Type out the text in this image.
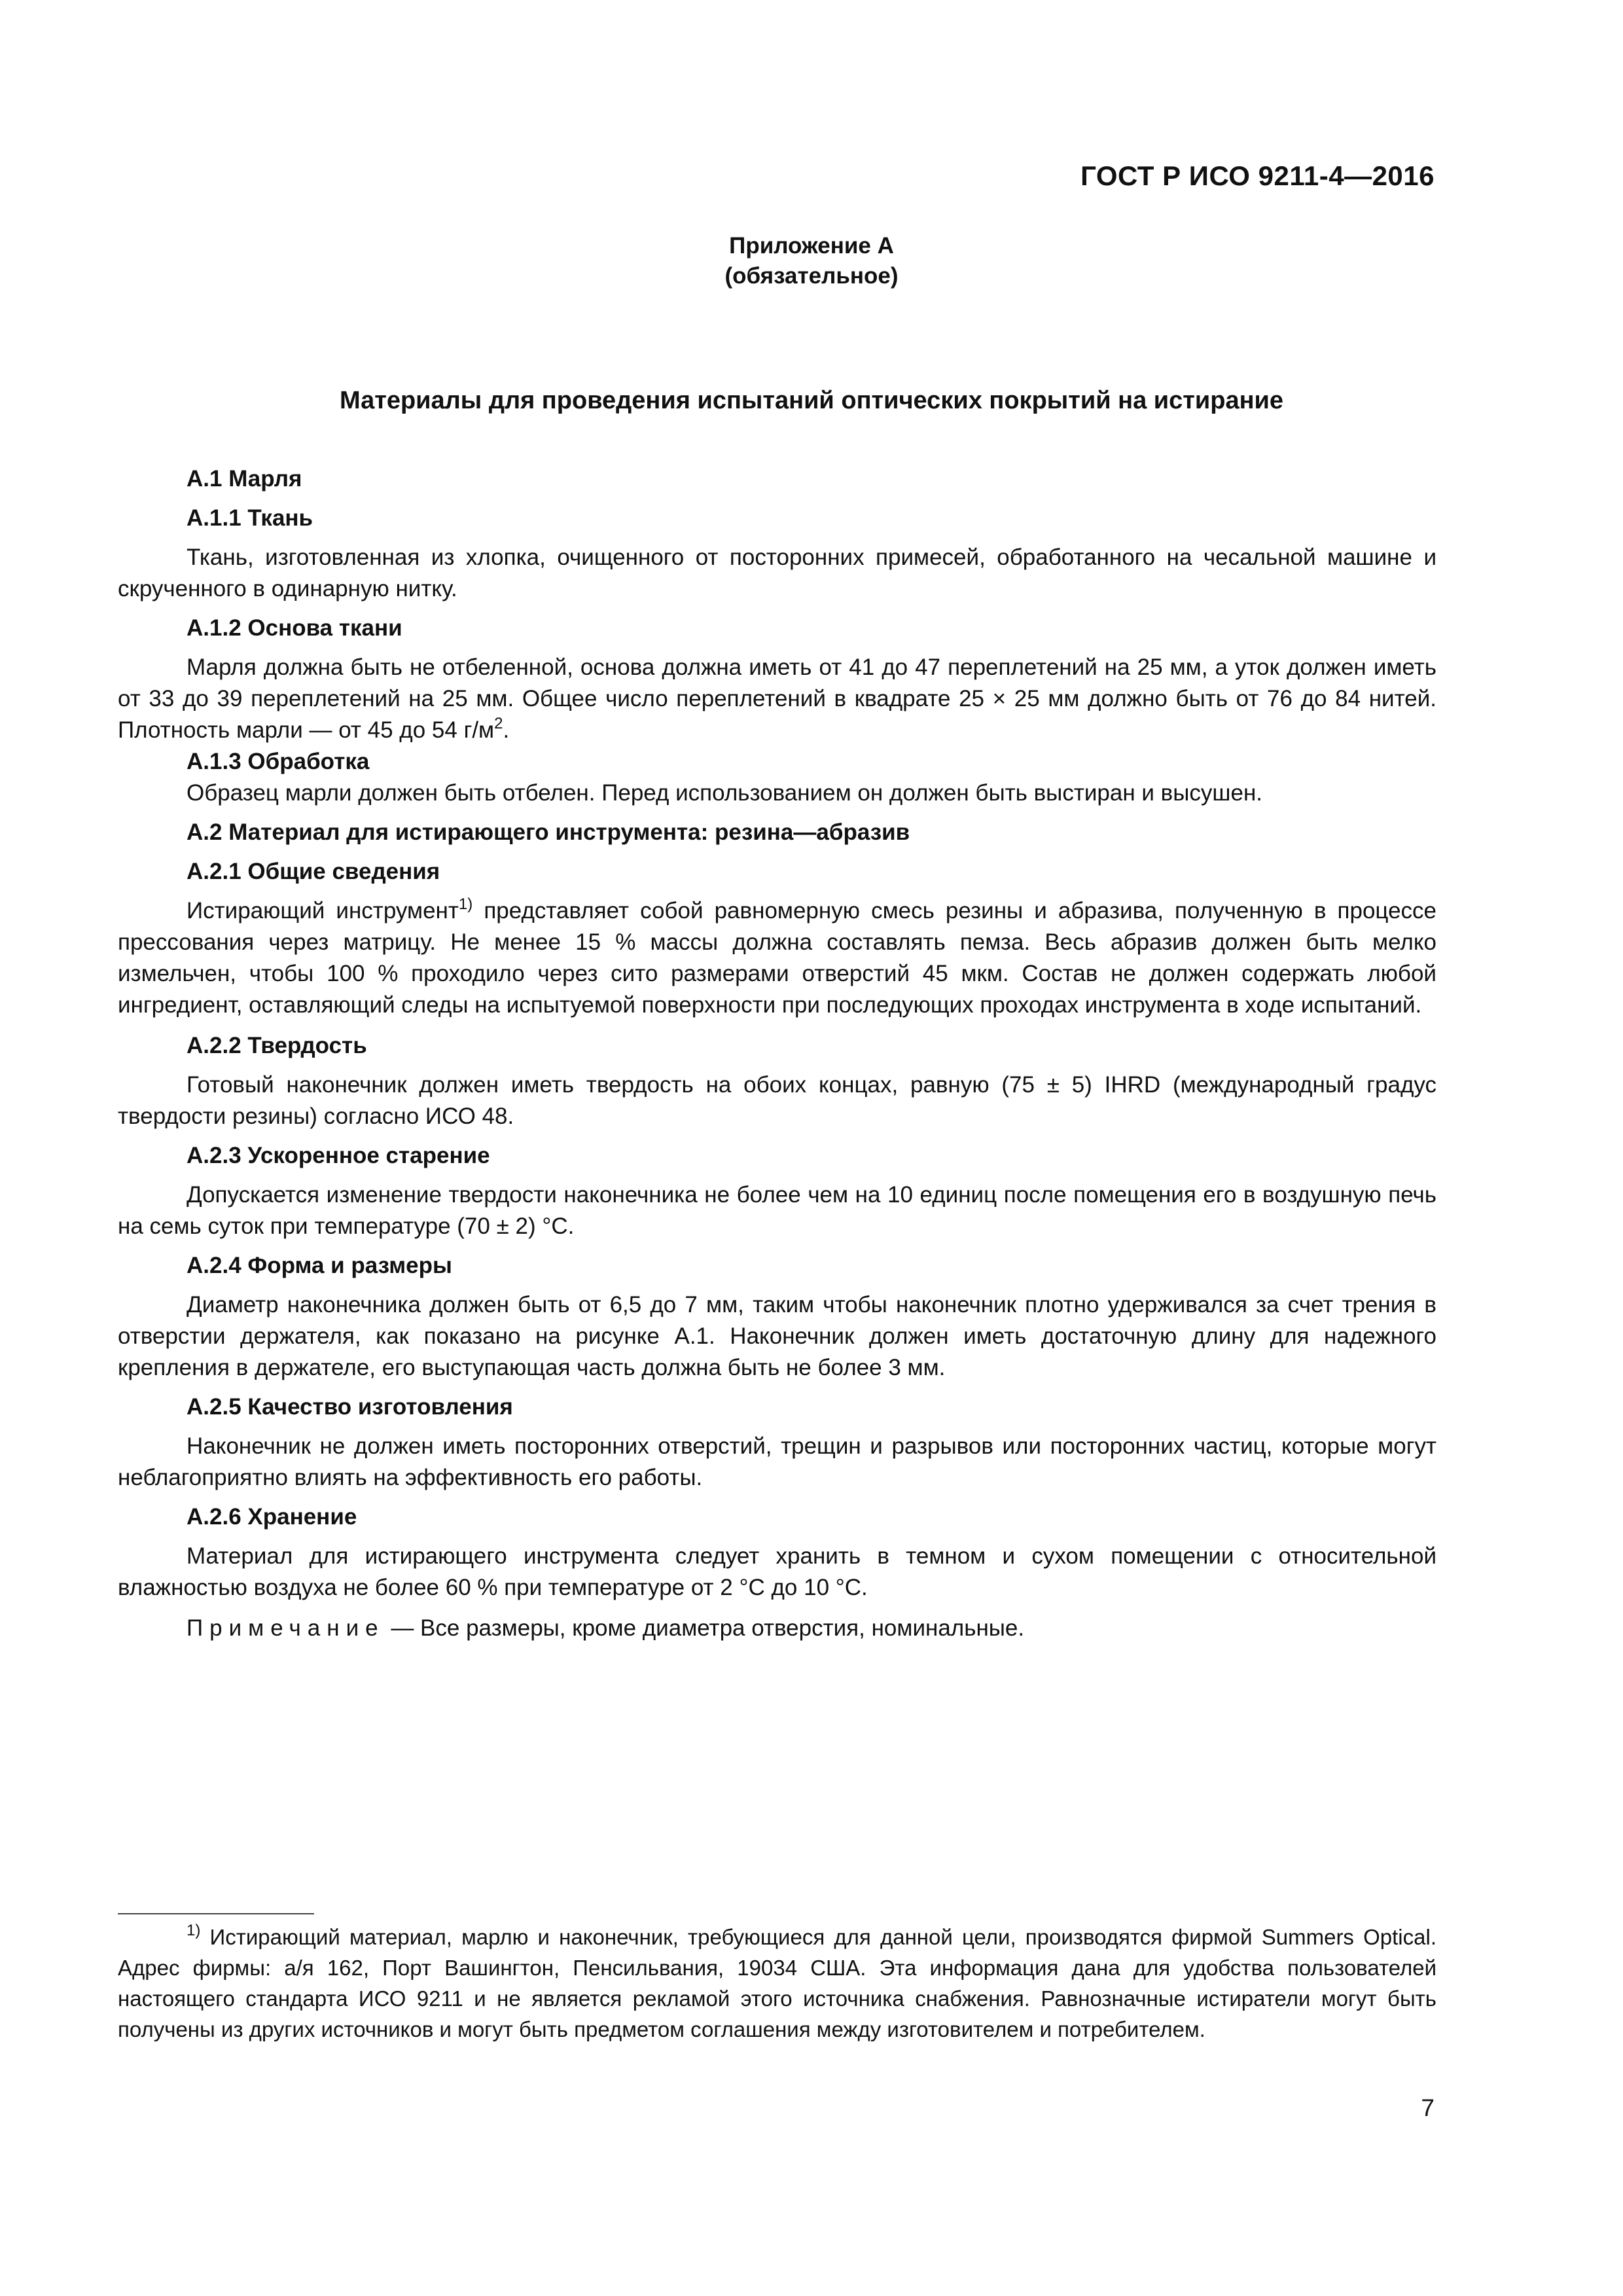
ГОСТ Р ИСО 9211-4—2016
Приложение А
(обязательное)
Материалы для проведения испытаний оптических покрытий на истирание

А.1 Марля

А.1.1 Ткань

Ткань, изготовленная из хлопка, очищенного от посторонних примесей, обработанного на чесальной машине и скрученного в одинарную нитку.

А.1.2 Основа ткани

Марля должна быть не отбеленной, основа должна иметь от 41 до 47 переплетений на 25 мм, а уток должен иметь от 33 до 39 переплетений на 25 мм. Общее число переплетений в квадрате 25 × 25 мм должно быть от 76 до 84 нитей. Плотность марли — от 45 до 54 $г/м^2$.

А.1.3 Обработка

Образец марли должен быть отбелен. Перед использованием он должен быть выстиран и высушен.

А.2 Материал для истирающего инструмента: резина—абразив

А.2.1 Общие сведения

Истирающий инструмент$^{1)}$ представляет собой равномерную смесь резины и абразива, полученную в процессе прессования через матрицу. Не менее 15 % массы должна составлять пемза. Весь абразив должен быть мелко измельчен, чтобы 100 % проходило через сито размерами отверстий 45 мкм. Состав не должен содержать любой ингредиент, оставляющий следы на испытуемой поверхности при последующих проходах инструмента в ходе испытаний.

А.2.2 Твердость

Готовый наконечник должен иметь твердость на обоих концах, равную (75 ± 5) IHRD (международный градус твердости резины) согласно ИСО 48.

А.2.3 Ускоренное старение

Допускается изменение твердости наконечника не более чем на 10 единиц после помещения его в воздушную печь на семь суток при температуре (70 ± 2) °С.

А.2.4 Форма и размеры

Диаметр наконечника должен быть от 6,5 до 7 мм, таким чтобы наконечник плотно удерживался за счет трения в отверстии держателя, как показано на рисунке А.1. Наконечник должен иметь достаточную длину для надежного крепления в держателе, его выступающая часть должна быть не более 3 мм.

А.2.5 Качество изготовления

Наконечник не должен иметь посторонних отверстий, трещин и разрывов или посторонних частиц, которые могут неблагоприятно влиять на эффективность его работы.

А.2.6 Хранение

Материал для истирающего инструмента следует хранить в темном и сухом помещении с относительной влажностью воздуха не более 60 % при температуре от 2 °С до 10 °С.

Примечание — Все размеры, кроме диаметра отверстия, номинальные.

$^{1)}$ Истирающий материал, марлю и наконечник, требующиеся для данной цели, производятся фирмой Summers Optical. Адрес фирмы: а/я 162, Порт Вашингтон, Пенсильвания, 19034 США. Эта информация дана для удобства пользователей настоящего стандарта ИСО 9211 и не является рекламой этого источника снабжения. Равнозначные истиратели могут быть получены из других источников и могут быть предметом соглашения между изготовителем и потребителем.

7
